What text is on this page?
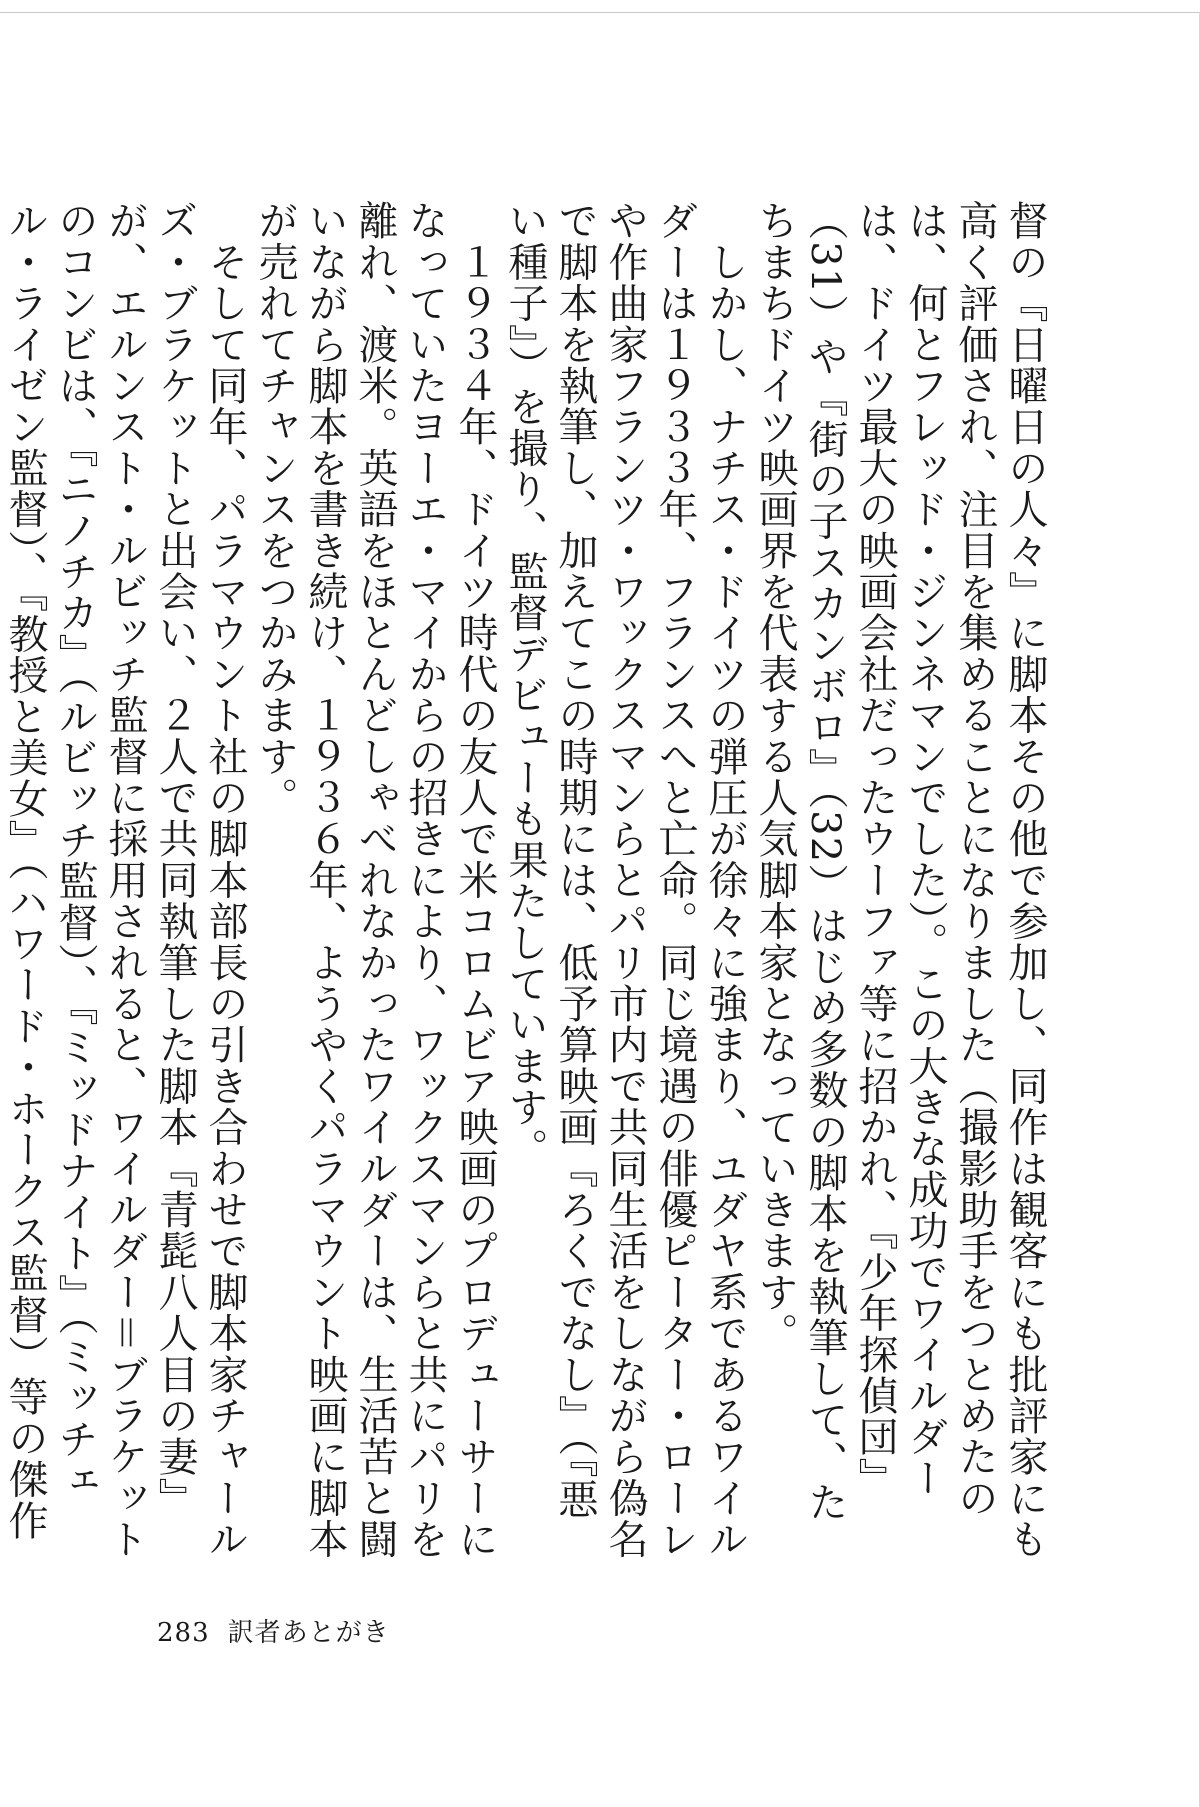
督の『日曜日の人々』に脚本その他で参加し、同作は観客にも批評家にも高く評価され、注目を集めることになりました（撮影助手をつとめたのは、何とフレッド・ジンネマンでした）。この大きな成功でワイルダーは、ドイツ最大の映画会社だったウーファ等に招かれ、『少年探偵団』（31）や『街の子スカンボロ』（32）はじめ多数の脚本を執筆して、たちまちドイツ映画界を代表する人気脚本家となっていきます。

　しかし、ナチス・ドイツの弾圧が徐々に強まり、ユダヤ系であるワイルダーは１９３３年、フランスへと亡命。同じ境遇の俳優ピーター・ローレや作曲家フランツ・ワックスマンらとパリ市内で共同生活をしながら偽名で脚本を執筆し、加えてこの時期には、低予算映画『ろくでなし』（『悪い種子』）を撮り、監督デビューも果たしています。

　１９３４年、ドイツ時代の友人で米コロムビア映画のプロデューサーになっていたヨーエ・マイからの招きにより、ワックスマンらと共にパリを離れ、渡米。英語をほとんどしゃべれなかったワイルダーは、生活苦と闘いながら脚本を書き続け、１９３６年、ようやくパラマウント映画に脚本が売れてチャンスをつかみます。

　そして同年、パラマウント社の脚本部長の引き合わせで脚本家チャールズ・ブラケットと出会い、２人で共同執筆した脚本『青髭八人目の妻』が、エルンスト・ルビッチ監督に採用されると、ワイルダー＝ブラケットのコンビは、『ニノチカ』（ルビッチ監督）、『ミッドナイト』（ミッチェル・ライゼン監督）、『教授と美女』（ハワード・ホークス監督）等の傑作

283 訳者あとがき
